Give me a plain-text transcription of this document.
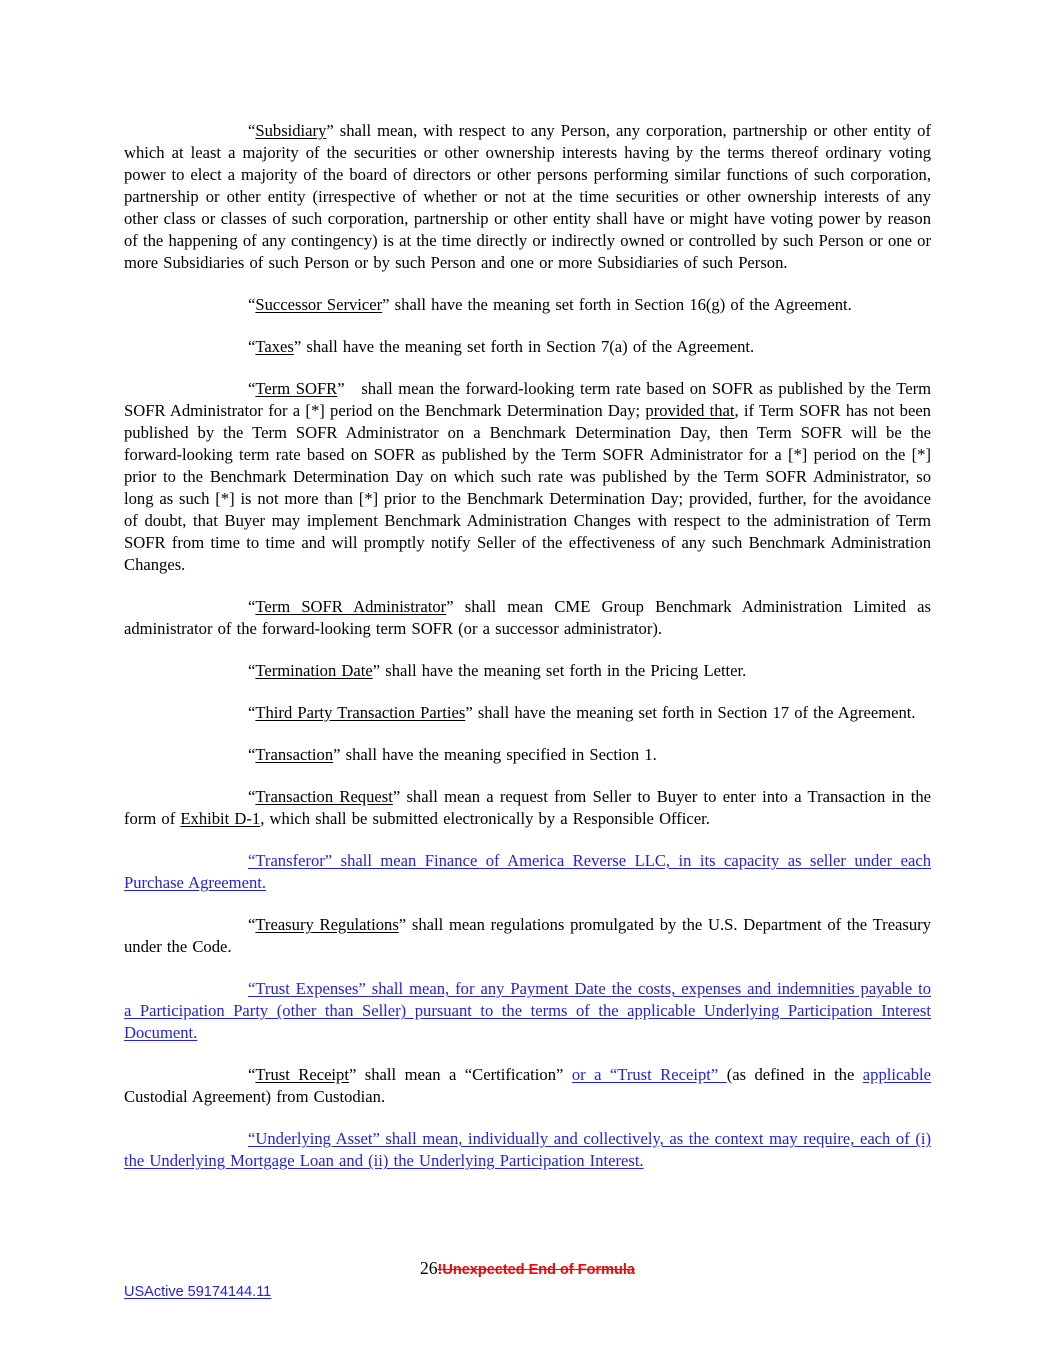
“Subsidiary” shall mean, with respect to any Person, any corporation, partnership or other entity of which at least a majority of the securities or other ownership interests having by the terms thereof ordinary voting power to elect a majority of the board of directors or other persons performing similar functions of such corporation, partnership or other entity (irrespective of whether or not at the time securities or other ownership interests of any other class or classes of such corporation, partnership or other entity shall have or might have voting power by reason of the happening of any contingency) is at the time directly or indirectly owned or controlled by such Person or one or more Subsidiaries of such Person or by such Person and one or more Subsidiaries of such Person.

“Successor Servicer” shall have the meaning set forth in Section 16(g) of the Agreement.

“Taxes” shall have the meaning set forth in Section 7(a) of the Agreement.

“Term SOFR”   shall mean the forward-looking term rate based on SOFR as published by the Term SOFR Administrator for a [*] period on the Benchmark Determination Day; provided that, if Term SOFR has not been published by the Term SOFR Administrator on a Benchmark Determination Day, then Term SOFR will be the forward-looking term rate based on SOFR as published by the Term SOFR Administrator for a [*] period on the [*] prior to the Benchmark Determination Day on which such rate was published by the Term SOFR Administrator, so long as such [*] is not more than [*] prior to the Benchmark Determination Day; provided, further, for the avoidance of doubt, that Buyer may implement Benchmark Administration Changes with respect to the administration of Term SOFR from time to time and will promptly notify Seller of the effectiveness of any such Benchmark Administration Changes.

“Term SOFR Administrator” shall mean CME Group Benchmark Administration Limited as administrator of the forward-looking term SOFR (or a successor administrator).

“Termination Date” shall have the meaning set forth in the Pricing Letter.

“Third Party Transaction Parties” shall have the meaning set forth in Section 17 of the Agreement.

“Transaction” shall have the meaning specified in Section 1.

“Transaction Request” shall mean a request from Seller to Buyer to enter into a Transaction in the form of Exhibit D-1, which shall be submitted electronically by a Responsible Officer.

“Transferor” shall mean Finance of America Reverse LLC, in its capacity as seller under each Purchase Agreement.

“Treasury Regulations” shall mean regulations promulgated by the U.S. Department of the Treasury under the Code.

“Trust Expenses” shall mean, for any Payment Date the costs, expenses and indemnities payable to a Participation Party (other than Seller) pursuant to the terms of the applicable Underlying Participation Interest Document.

“Trust Receipt” shall mean a “Certification” or a “Trust Receipt” (as defined in the applicable Custodial Agreement) from Custodian.

“Underlying Asset” shall mean, individually and collectively, as the context may require, each of (i) the Underlying Mortgage Loan and (ii) the Underlying Participation Interest.

26!Unexpected End of Formula
USActive 59174144.11
